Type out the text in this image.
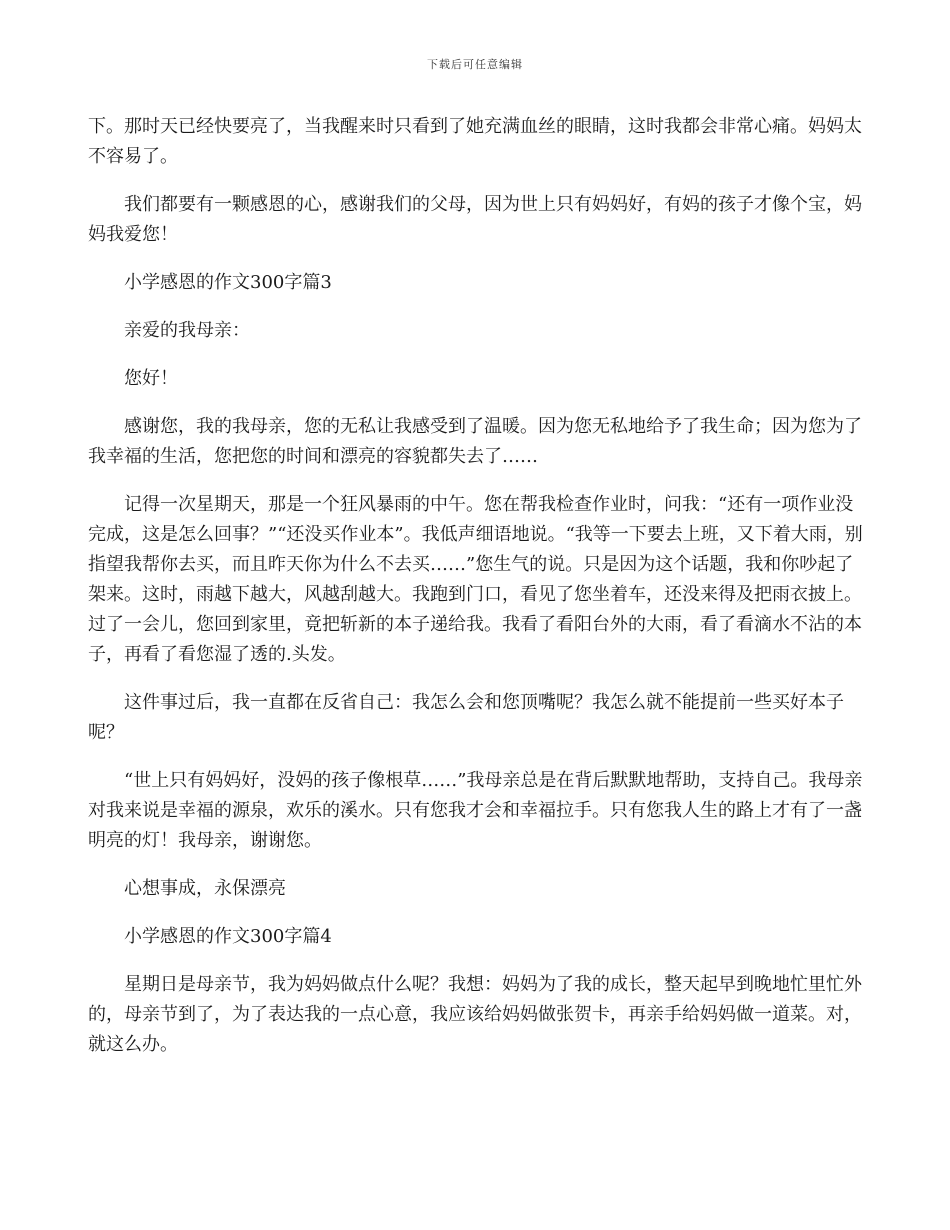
下载后可任意编辑

下。那时天已经快要亮了，当我醒来时只看到了她充满血丝的眼睛，这时我都会非常心痛。妈妈太不容易了。

我们都要有一颗感恩的心，感谢我们的父母，因为世上只有妈妈好，有妈的孩子才像个宝，妈妈我爱您！

小学感恩的作文300字篇3

亲爱的我母亲：

您好！

感谢您，我的我母亲，您的无私让我感受到了温暖。因为您无私地给予了我生命；因为您为了我幸福的生活，您把您的时间和漂亮的容貌都失去了……

记得一次星期天，那是一个狂风暴雨的中午。您在帮我检查作业时，问我：“还有一项作业没完成，这是怎么回事？”“还没买作业本”。我低声细语地说。“我等一下要去上班，又下着大雨，别指望我帮你去买，而且昨天你为什么不去买……”您生气的说。只是因为这个话题，我和你吵起了架来。这时，雨越下越大，风越刮越大。我跑到门口，看见了您坐着车，还没来得及把雨衣披上。过了一会儿，您回到家里，竟把斩新的本子递给我。我看了看阳台外的大雨，看了看滴水不沾的本子，再看了看您湿了透的.头发。

这件事过后，我一直都在反省自己：我怎么会和您顶嘴呢？我怎么就不能提前一些买好本子呢？

“世上只有妈妈好，没妈的孩子像根草……”我母亲总是在背后默默地帮助，支持自己。我母亲对我来说是幸福的源泉，欢乐的溪水。只有您我才会和幸福拉手。只有您我人生的路上才有了一盏明亮的灯！我母亲，谢谢您。

心想事成，永保漂亮

小学感恩的作文300字篇4

星期日是母亲节，我为妈妈做点什么呢？我想：妈妈为了我的成长，整天起早到晚地忙里忙外的，母亲节到了，为了表达我的一点心意，我应该给妈妈做张贺卡，再亲手给妈妈做一道菜。对，就这么办。
